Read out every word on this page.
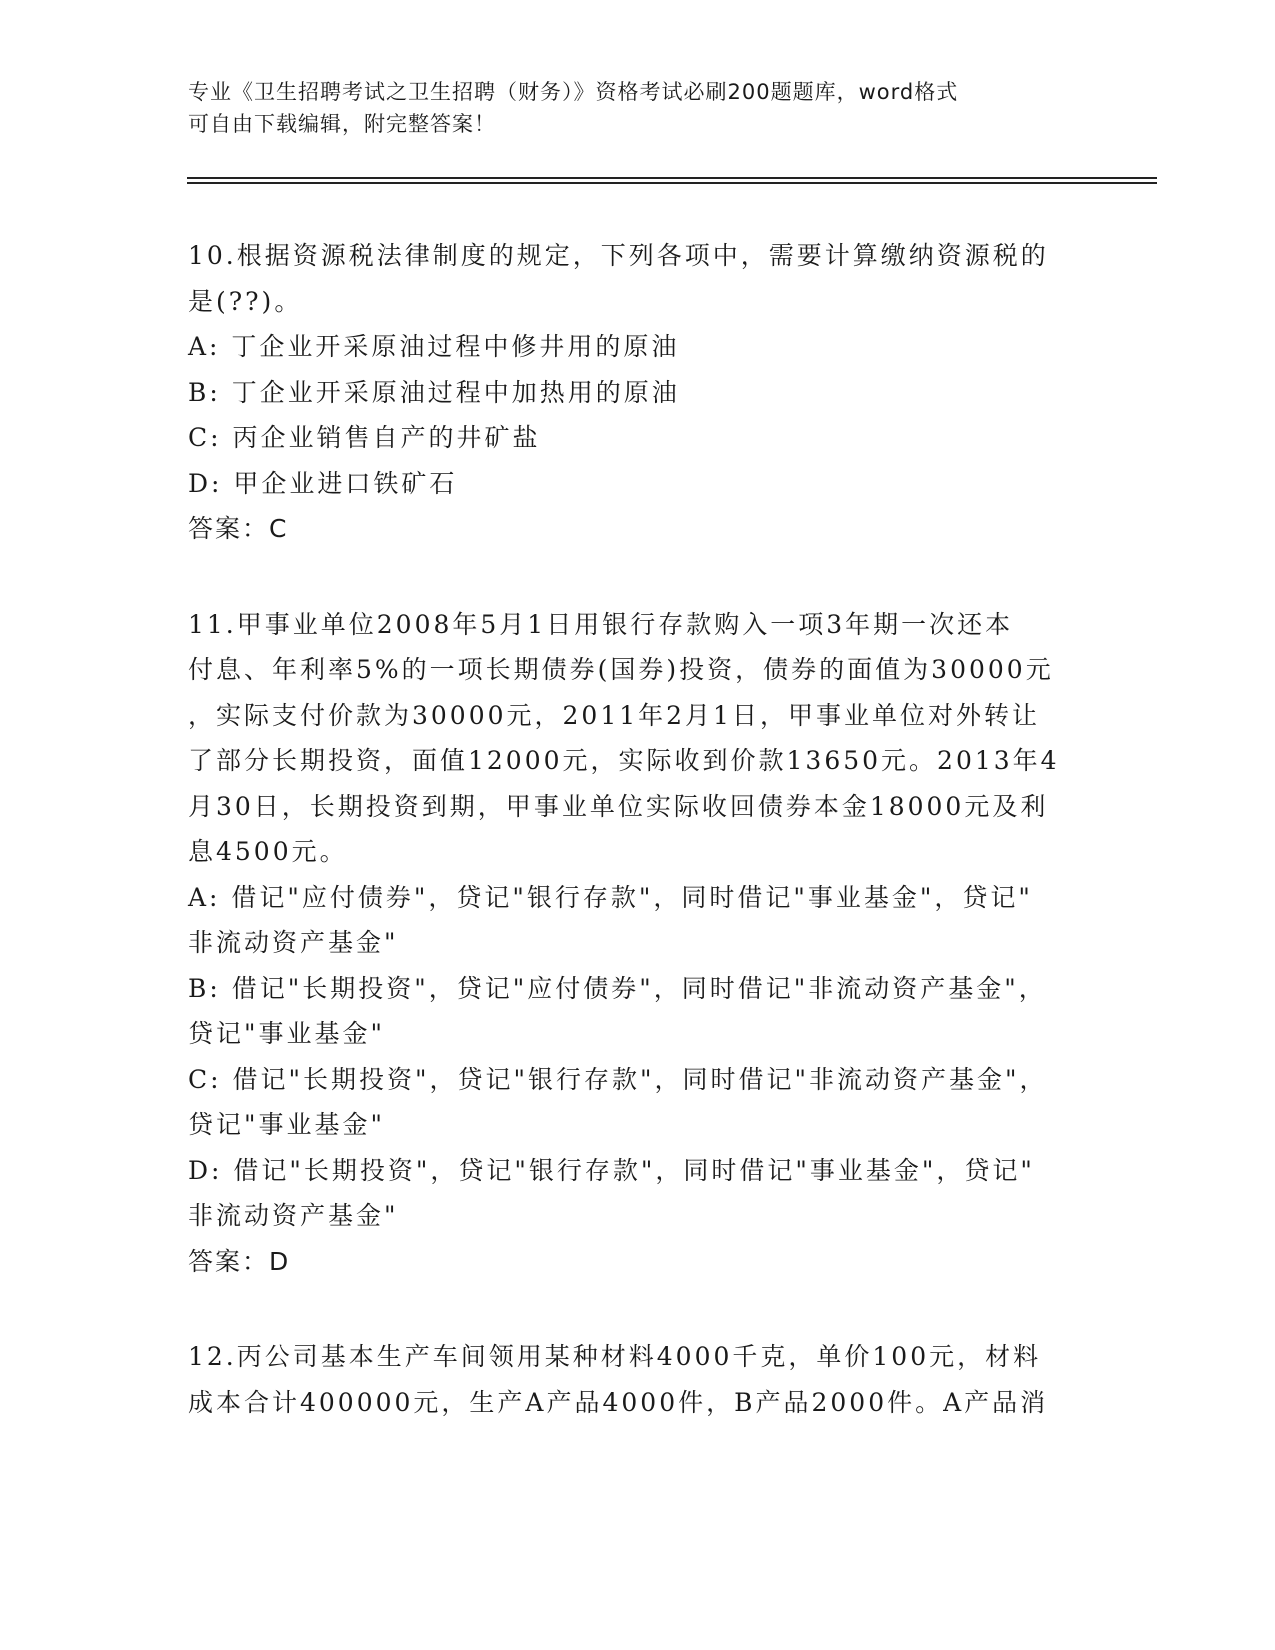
专业《卫生招聘考试之卫生招聘（财务）》资格考试必刷200题题库，word格式
可自由下载编辑，附完整答案！
10.根据资源税法律制度的规定，下列各项中，需要计算缴纳资源税的
是(??)。
A: 丁企业开采原油过程中修井用的原油
B: 丁企业开采原油过程中加热用的原油
C: 丙企业销售自产的井矿盐
D: 甲企业进口铁矿石
答案：C
11.甲事业单位2008年5月1日用银行存款购入一项3年期一次还本
付息、年利率5%的一项长期债券(国券)投资，债券的面值为30000元
，实际支付价款为30000元，2011年2月1日，甲事业单位对外转让
了部分长期投资，面值12000元，实际收到价款13650元。2013年4
月30日，长期投资到期，甲事业单位实际收回债券本金18000元及利
息4500元。
A: 借记"应付债券"，贷记"银行存款"，同时借记"事业基金"，贷记"
非流动资产基金"
B: 借记"长期投资"，贷记"应付债券"，同时借记"非流动资产基金"，
贷记"事业基金"
C: 借记"长期投资"，贷记"银行存款"，同时借记"非流动资产基金"，
贷记"事业基金"
D: 借记"长期投资"，贷记"银行存款"，同时借记"事业基金"，贷记"
非流动资产基金"
答案：D
12.丙公司基本生产车间领用某种材料4000千克，单价100元，材料
成本合计400000元，生产A产品4000件，B产品2000件。A产品消
